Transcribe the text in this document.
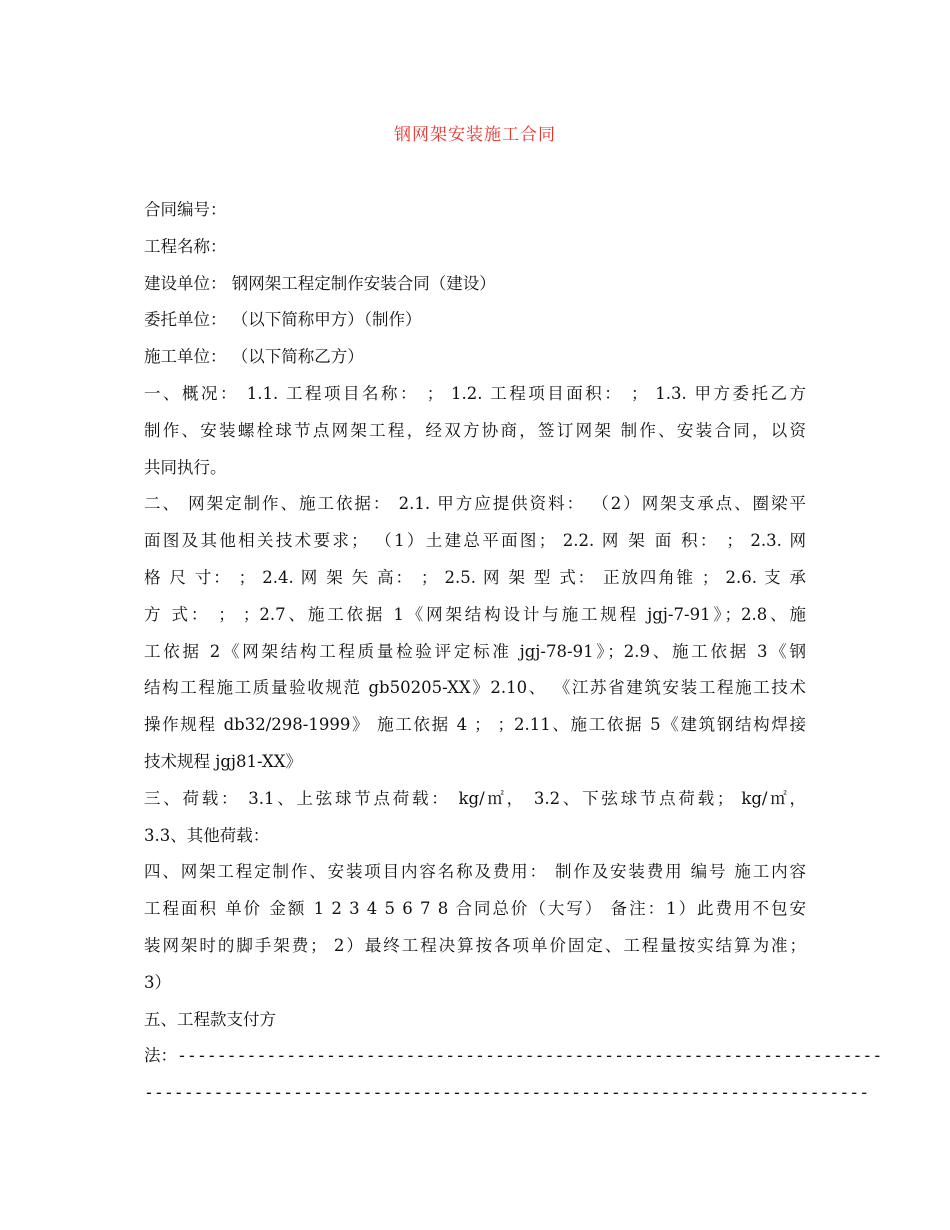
钢网架安装施工合同

合同编号：

工程名称：

建设单位： 钢网架工程定制作安装合同（建设）

委托单位： （以下简称甲方）（制作）

施工单位： （以下简称乙方）

一、概况： 1.1. 工程项目名称： ； 1.2. 工程项目面积： ； 1.3. 甲方委托乙方

制作、安装螺栓球节点网架工程，经双方协商，签订网架 制作、安装合同，以资

共同执行。

二、 网架定制作、施工依据： 2.1. 甲方应提供资料： （2）网架支承点、圈梁平

面图及其他相关技术要求； （1）土建总平面图； 2.2. 网 架 面 积： ； 2.3. 网

格 尺 寸： ； 2.4. 网 架 矢 高： ； 2.5. 网 架 型 式： 正放四角锥 ； 2.6. 支 承

方 式： ； ；2.7、施工依据 1《网架结构设计与施工规程 jgj-7-91》；2.8、施

工依据 2《网架结构工程质量检验评定标准 jgj-78-91》；2.9、施工依据 3《钢

结构工程施工质量验收规范 gb50205-XX》2.10、 《江苏省建筑安装工程施工技术

操作规程 db32/298-1999》 施工依据 4 ； ；2.11、施工依据 5《建筑钢结构焊接

技术规程 jgj81-XX》

三、荷载： 3.1、上弦球节点荷载： kg/㎡， 3.2、下弦球节点荷载； kg/㎡，

3.3、其他荷载：

四、网架工程定制作、安装项目内容名称及费用： 制作及安装费用 编号 施工内容

工程面积 单价 金额 1 2 3 4 5 6 7 8 合同总价（大写） 备注：1）此费用不包安

装网架时的脚手架费； 2）最终工程决算按各项单价固定、工程量按实结算为准；

3）

五、工程款支付方

法：-----------------------------------------------------------------------

-------------------------------------------------------------------------
